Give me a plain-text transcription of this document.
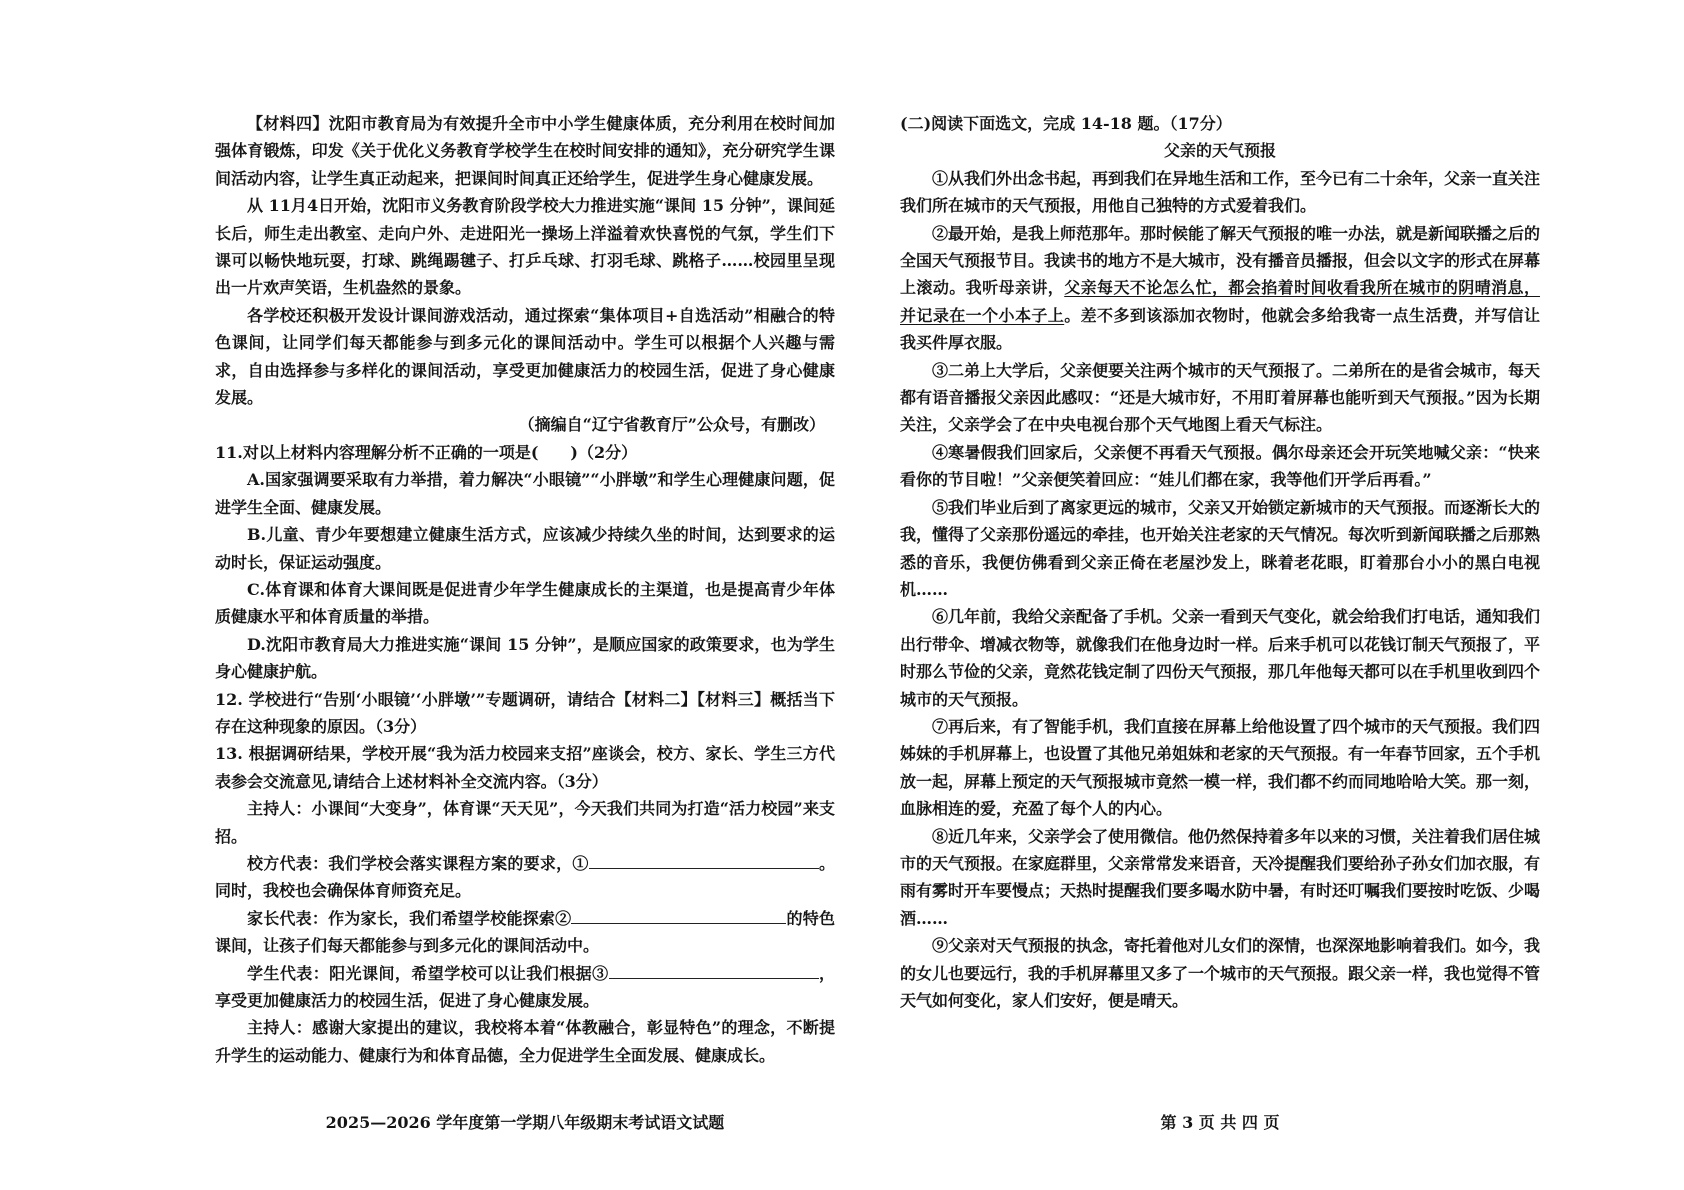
【材料四】沈阳市教育局为有效提升全市中小学生健康体质，充分利用在校时间加强体育锻炼，印发《关于优化义务教育学校学生在校时间安排的通知》，充分研究学生课间活动内容，让学生真正动起来，把课间时间真正还给学生，促进学生身心健康发展。

从 11月4日开始，沈阳市义务教育阶段学校大力推进实施“课间 15 分钟”，课间延长后，师生走出教室、走向户外、走进阳光一操场上洋溢着欢快喜悦的气氛，学生们下课可以畅快地玩耍，打球、跳绳踢毽子、打乒乓球、打羽毛球、跳格子……校园里呈现出一片欢声笑语，生机盎然的景象。

各学校还积极开发设计课间游戏活动，通过探索“集体项目+自选活动”相融合的特色课间，让同学们每天都能参与到多元化的课间活动中。学生可以根据个人兴趣与需求，自由选择参与多样化的课间活动，享受更加健康活力的校园生活，促进了身心健康发展。

（摘编自“辽宁省教育厅”公众号，有删改）

11.对以上材料内容理解分析不正确的一项是(　　)（2分）

A.国家强调要采取有力举措，着力解决“小眼镜”“小胖墩”和学生心理健康问题，促进学生全面、健康发展。

B.儿童、青少年要想建立健康生活方式，应该减少持续久坐的时间，达到要求的运动时长，保证运动强度。

C.体育课和体育大课间既是促进青少年学生健康成长的主渠道，也是提高青少年体质健康水平和体育质量的举措。

D.沈阳市教育局大力推进实施“课间 15 分钟”，是顺应国家的政策要求，也为学生身心健康护航。

12. 学校进行“告别‘小眼镜’‘小胖墩’”专题调研，请结合【材料二】【材料三】概括当下存在这种现象的原因。（3分）

13. 根据调研结果，学校开展“我为活力校园来支招”座谈会，校方、家长、学生三方代表参会交流意见,请结合上述材料补全交流内容。（3分）

主持人：小课间“大变身”，体育课“天天见”，今天我们共同为打造“活力校园”来支招。

校方代表：我们学校会落实课程方案的要求，①	。同时，我校也会确保体育师资充足。

家长代表：作为家长，我们希望学校能探索②	的特色课间，让孩子们每天都能参与到多元化的课间活动中。

学生代表：阳光课间，希望学校可以让我们根据③	，享受更加健康活力的校园生活，促进了身心健康发展。

主持人：感谢大家提出的建议，我校将本着“体教融合，彰显特色”的理念，不断提升学生的运动能力、健康行为和体育品德，全力促进学生全面发展、健康成长。

(二)阅读下面选文，完成 14-18 题。（17分）

父亲的天气预报

①从我们外出念书起，再到我们在异地生活和工作，至今已有二十余年，父亲一直关注我们所在城市的天气预报，用他自己独特的方式爱着我们。

②最开始，是我上师范那年。那时候能了解天气预报的唯一办法，就是新闻联播之后的全国天气预报节目。我读书的地方不是大城市，没有播音员播报，但会以文字的形式在屏幕上滚动。我听母亲讲，父亲每天不论怎么忙，都会掐着时间收看我所在城市的阴晴消息，并记录在一个小本子上。差不多到该添加衣物时，他就会多给我寄一点生活费，并写信让我买件厚衣服。

③二弟上大学后，父亲便要关注两个城市的天气预报了。二弟所在的是省会城市，每天都有语音播报父亲因此感叹：“还是大城市好，不用盯着屏幕也能听到天气预报。”因为长期关注，父亲学会了在中央电视台那个天气地图上看天气标注。

④寒暑假我们回家后，父亲便不再看天气预报。偶尔母亲还会开玩笑地喊父亲：“快来看你的节目啦！”父亲便笑着回应：“娃儿们都在家，我等他们开学后再看。”

⑤我们毕业后到了离家更远的城市，父亲又开始锁定新城市的天气预报。而逐渐长大的我，懂得了父亲那份遥远的牵挂，也开始关注老家的天气情况。每次听到新闻联播之后那熟悉的音乐，我便仿佛看到父亲正倚在老屋沙发上，眯着老花眼，盯着那台小小的黑白电视机……

⑥几年前，我给父亲配备了手机。父亲一看到天气变化，就会给我们打电话，通知我们出行带伞、增减衣物等，就像我们在他身边时一样。后来手机可以花钱订制天气预报了，平时那么节俭的父亲，竟然花钱定制了四份天气预报，那几年他每天都可以在手机里收到四个城市的天气预报。

⑦再后来，有了智能手机，我们直接在屏幕上给他设置了四个城市的天气预报。我们四姊妹的手机屏幕上，也设置了其他兄弟姐妹和老家的天气预报。有一年春节回家，五个手机放一起，屏幕上预定的天气预报城市竟然一模一样，我们都不约而同地哈哈大笑。那一刻，血脉相连的爱，充盈了每个人的内心。

⑧近几年来，父亲学会了使用微信。他仍然保持着多年以来的习惯，关注着我们居住城市的天气预报。在家庭群里，父亲常常发来语音，天冷提醒我们要给孙子孙女们加衣服，有雨有雾时开车要慢点；天热时提醒我们要多喝水防中暑，有时还叮嘱我们要按时吃饭、少喝酒……

⑨父亲对天气预报的执念，寄托着他对儿女们的深情，也深深地影响着我们。如今，我的女儿也要远行，我的手机屏幕里又多了一个城市的天气预报。跟父亲一样，我也觉得不管天气如何变化，家人们安好，便是晴天。

2025—2026 学年度第一学期八年级期末考试语文试题	第 3 页 共 四 页
